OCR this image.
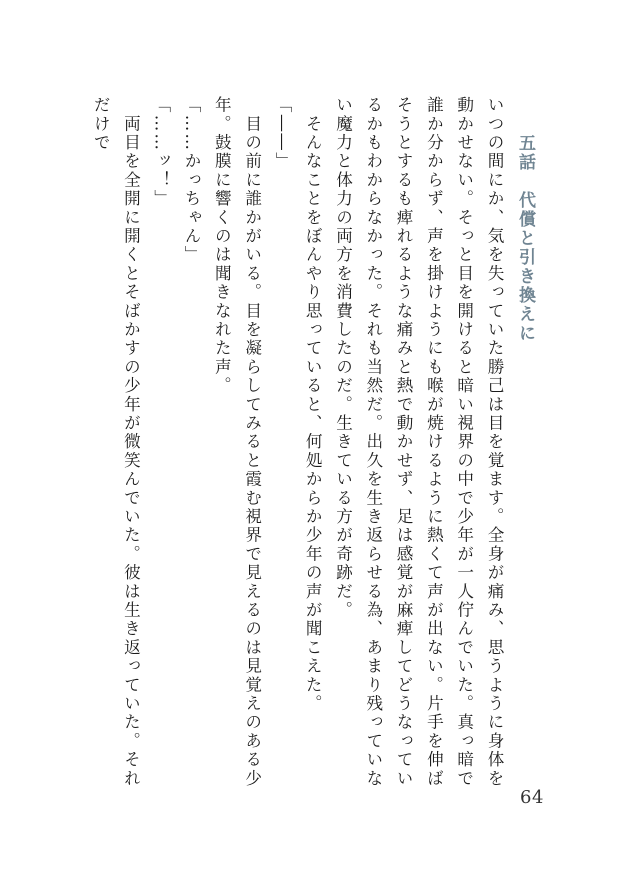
五話　代償と引き換えに

いつの間にか、気を失っていた勝己は目を覚ます。全身が痛み、思うように身体を動かせない。そっと目を開けると暗い視界の中で少年が一人佇んでいた。真っ暗で誰か分からず、声を掛けようにも喉が焼けるように熱くて声が出ない。片手を伸ばそうとするも痺れるような痛みと熱で動かせず、足は感覚が麻痺してどうなっているかもわからなかった。それも当然だ。出久を生き返らせる為、あまり残っていない魔力と体力の両方を消費したのだ。生きている方が奇跡だ。

　そんなことをぼんやり思っていると、何処からか少年の声が聞こえた。

「――」

　目の前に誰かがいる。目を凝らしてみると霞む視界で見えるのは見覚えのある少年。鼓膜に響くのは聞きなれた声。

「……かっちゃん」

「……ッ！」

　両目を全開に開くとそばかすの少年が微笑んでいた。彼は生き返っていた。それだけで

64
